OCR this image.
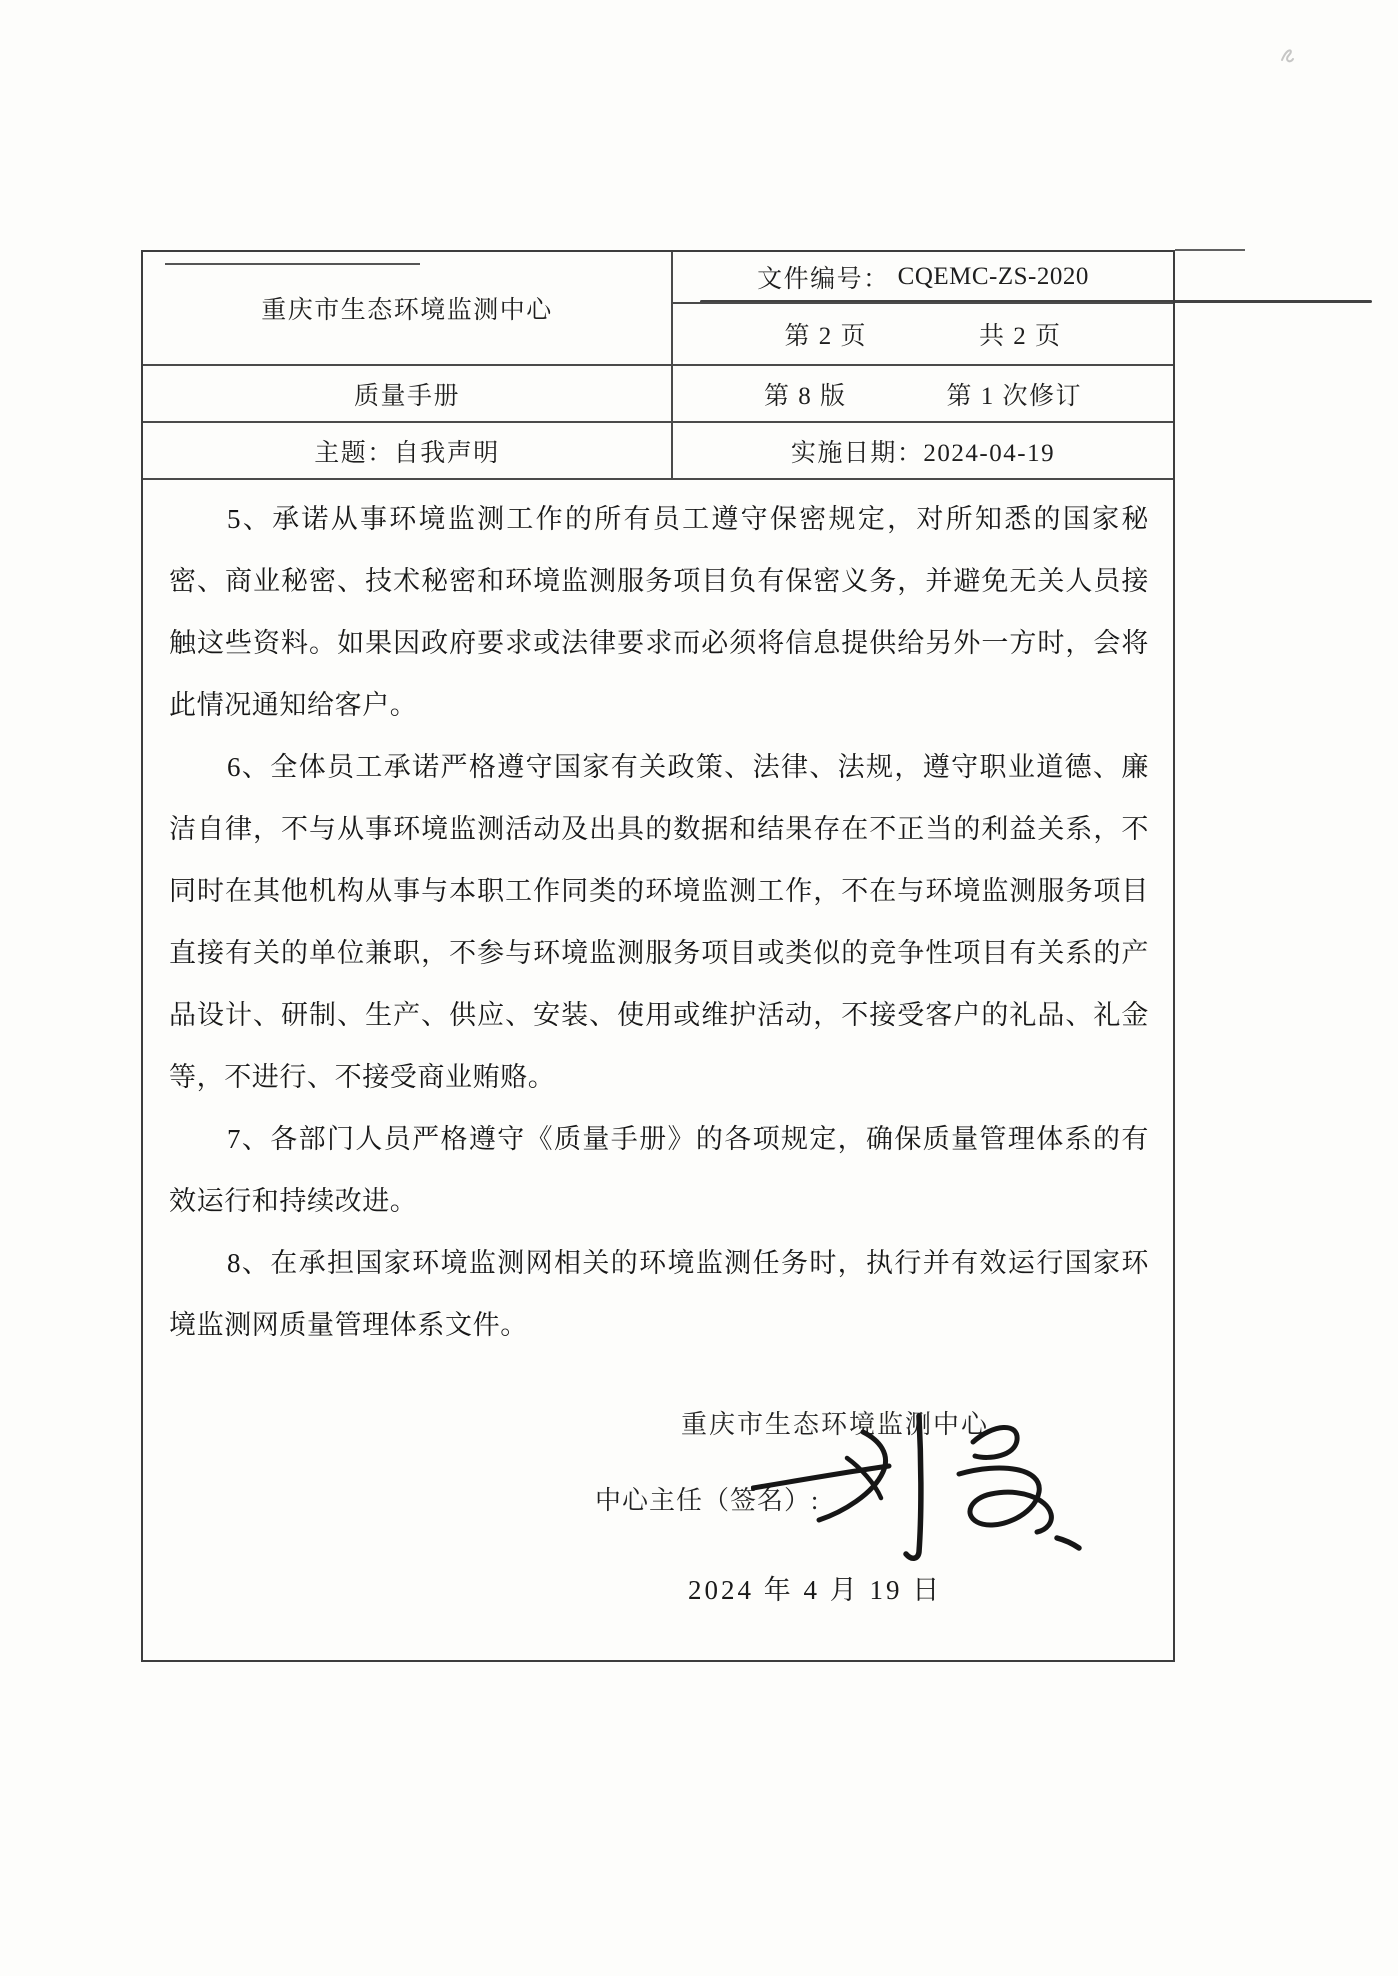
重庆市生态环境监测中心
文件编号： CQEMC-ZS-2020
第 2 页	共 2 页
质量手册	第 8 版	第 1 次修订
主题：自我声明	实施日期：2024-04-19

5、承诺从事环境监测工作的所有员工遵守保密规定，对所知悉的国家秘密、商业秘密、技术秘密和环境监测服务项目负有保密义务，并避免无关人员接触这些资料。如果因政府要求或法律要求而必须将信息提供给另外一方时，会将此情况通知给客户。

6、全体员工承诺严格遵守国家有关政策、法律、法规，遵守职业道德、廉洁自律，不与从事环境监测活动及出具的数据和结果存在不正当的利益关系，不同时在其他机构从事与本职工作同类的环境监测工作，不在与环境监测服务项目直接有关的单位兼职，不参与环境监测服务项目或类似的竞争性项目有关系的产品设计、研制、生产、供应、安装、使用或维护活动，不接受客户的礼品、礼金等，不进行、不接受商业贿赂。

7、各部门人员严格遵守《质量手册》的各项规定，确保质量管理体系的有效运行和持续改进。

8、在承担国家环境监测网相关的环境监测任务时，执行并有效运行国家环境监测网质量管理体系文件。

重庆市生态环境监测中心
中心主任（签名）:
2024 年 4 月 19 日
